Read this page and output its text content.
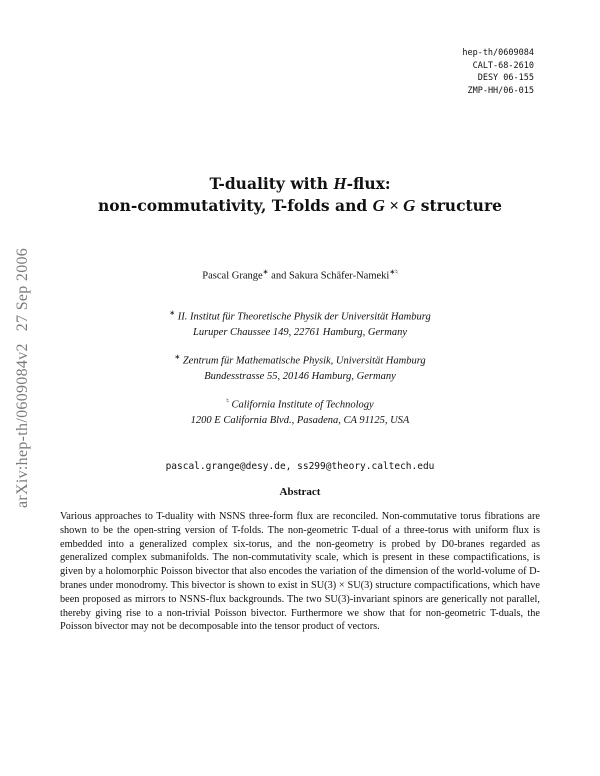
hep-th/0609084
CALT-68-2610
DESY 06-155
ZMP-HH/06-015
arXiv:hep-th/0609084v227 Sep 2006
T-duality with H-flux:
non-commutativity, T-folds and G × G structure
Pascal Grange∗ and Sakura Schäfer-Nameki∗♮
∗ II. Institut für Theoretische Physik der Universität Hamburg
Luruper Chaussee 149, 22761 Hamburg, Germany
∗ Zentrum für Mathematische Physik, Universität Hamburg
Bundesstrasse 55, 20146 Hamburg, Germany
♮ California Institute of Technology
1200 E California Blvd., Pasadena, CA 91125, USA
pascal.grange@desy.de, ss299@theory.caltech.edu
Abstract
Various approaches to T-duality with NSNS three-form flux are reconciled. Non-commutative torus fibrations are shown to be the open-string version of T-folds. The non-geometric T-dual of a three-torus with uniform flux is embedded into a generalized complex six-torus, and the non-geometry is probed by D0-branes regarded as generalized complex submanifolds. The non-commutativity scale, which is present in these compactifications, is given by a holomorphic Poisson bivector that also encodes the variation of the dimension of the world-volume of D-branes under monodromy. This bivector is shown to exist in SU(3) × SU(3) structure compactifications, which have been proposed as mirrors to NSNS-flux backgrounds. The two SU(3)-invariant spinors are generically not parallel, thereby giving rise to a non-trivial Poisson bivector. Furthermore we show that for non-geometric T-duals, the Poisson bivector may not be decomposable into the tensor product of vectors.
